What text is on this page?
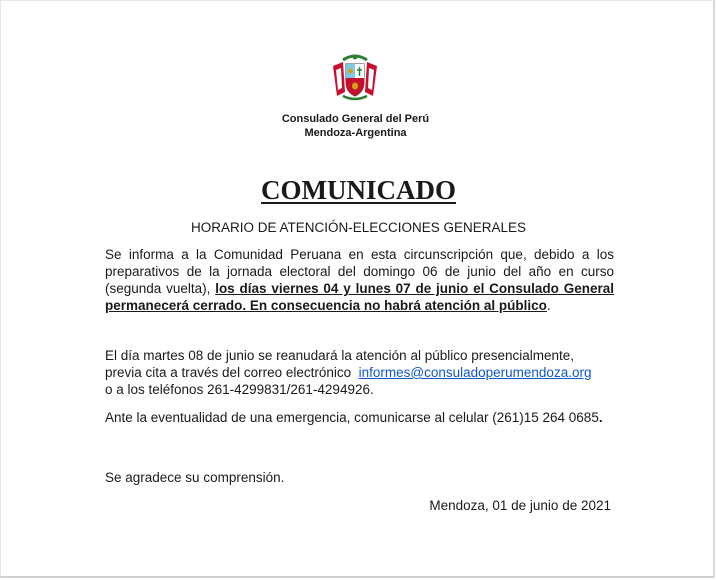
Consulado General del Perú
Mendoza-Argentina
COMUNICADO
HORARIO DE ATENCIÓN-ELECCIONES GENERALES
Se informa a la Comunidad Peruana en esta circunscripción que, debido a los preparativos de la jornada electoral del domingo 06 de junio del año en curso (segunda vuelta), los días viernes 04 y lunes 07 de junio el Consulado General permanecerá cerrado. En consecuencia no habrá atención al público.
El día martes 08 de junio se reanudará la atención al público presencialmente,
previa cita a través del correo electrónico  informes@consuladoperumendoza.org
o a los teléfonos 261-4299831/261-4294926.
Ante la eventualidad de una emergencia, comunicarse al celular (261)15 264 0685.
Se agradece su comprensión.
Mendoza, 01 de junio de 2021
